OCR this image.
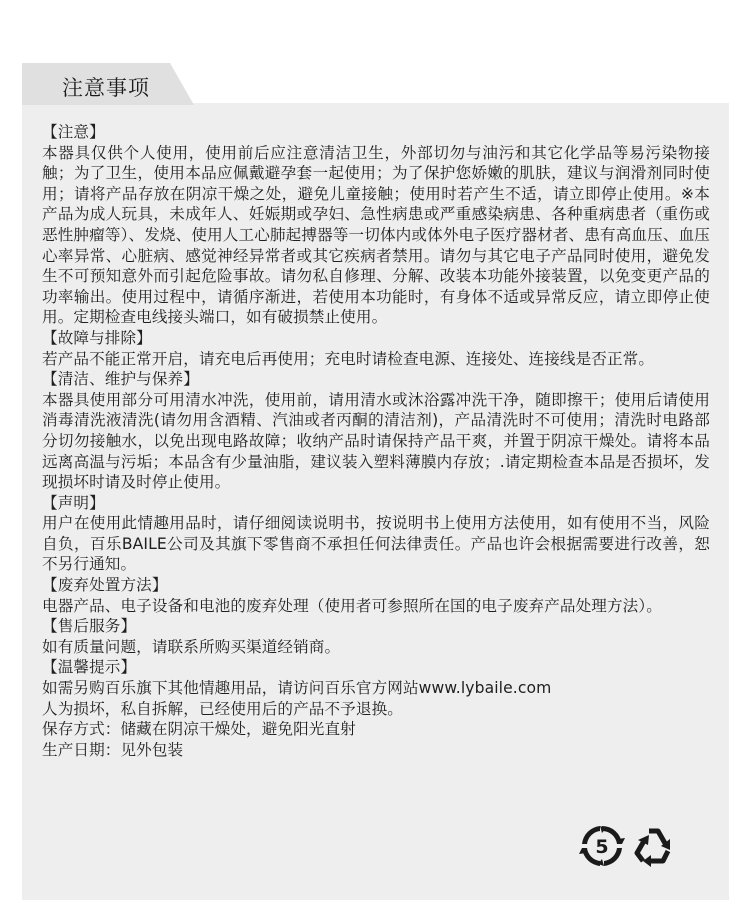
注意事项

【注意】

本器具仅供个人使用，使用前后应注意清洁卫生，外部切勿与油污和其它化学品等易污染物接触；为了卫生，使用本品应佩戴避孕套一起使用；为了保护您娇嫩的肌肤，建议与润滑剂同时使用；请将产品存放在阴凉干燥之处，避免儿童接触；使用时若产生不适，请立即停止使用。※本产品为成人玩具，未成年人、妊娠期或孕妇、急性病患或严重感染病患、各种重病患者（重伤或恶性肿瘤等）、发烧、使用人工心肺起搏器等一切体内或体外电子医疗器材者、患有高血压、血压心率异常、心脏病、感觉神经异常者或其它疾病者禁用。请勿与其它电子产品同时使用，避免发生不可预知意外而引起危险事故。请勿私自修理、分解、改装本功能外接装置，以免变更产品的功率输出。使用过程中，请循序渐进，若使用本功能时，有身体不适或异常反应，请立即停止使用。定期检查电线接头端口，如有破损禁止使用。

【故障与排除】

若产品不能正常开启，请充电后再使用；充电时请检查电源、连接处、连接线是否正常。

【清洁、维护与保养】

本器具使用部分可用清水冲洗，使用前，请用清水或沐浴露冲洗干净，随即擦干；使用后请使用消毒清洗液清洗(请勿用含酒精、汽油或者丙酮的清洁剂)，产品清洗时不可使用；清洗时电路部分切勿接触水，以免出现电路故障；收纳产品时请保持产品干爽，并置于阴凉干燥处。请将本品远离高温与污垢；本品含有少量油脂，建议装入塑料薄膜内存放；.请定期检查本品是否损坏，发现损坏时请及时停止使用。

【声明】

用户在使用此情趣用品时，请仔细阅读说明书，按说明书上使用方法使用，如有使用不当，风险自负，百乐BAILE公司及其旗下零售商不承担任何法律责任。产品也许会根据需要进行改善，恕不另行通知。

【废弃处置方法】

电器产品、电子设备和电池的废弃处理（使用者可参照所在国的电子废弃产品处理方法）。

【售后服务】

如有质量问题，请联系所购买渠道经销商。

【温馨提示】

如需另购百乐旗下其他情趣用品，请访问百乐官方网站www.lybaile.com

人为损坏，私自拆解，已经使用后的产品不予退换。

保存方式：储藏在阴凉干燥处，避免阳光直射

生产日期：见外包装

5
